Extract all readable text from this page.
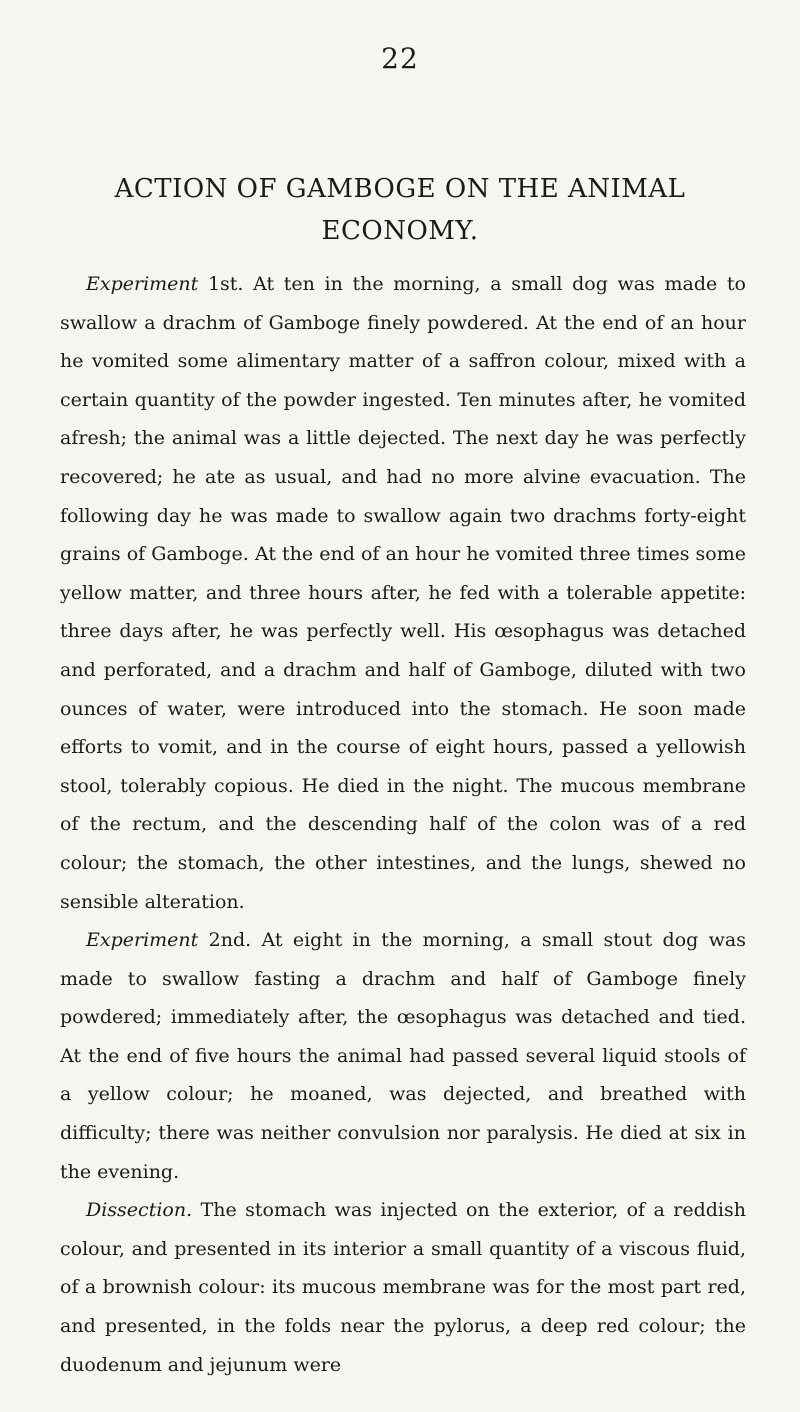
22
ACTION OF GAMBOGE ON THE ANIMAL
ECONOMY.

Experiment 1st. At ten in the morning, a small dog was made to swallow a drachm of Gamboge finely powdered. At the end of an hour he vomited some alimentary matter of a saffron colour, mixed with a certain quantity of the powder ingested. Ten minutes after, he vomited afresh; the animal was a little dejected. The next day he was perfectly recovered; he ate as usual, and had no more alvine evacuation. The following day he was made to swallow again two drachms forty-eight grains of Gamboge. At the end of an hour he vomited three times some yellow matter, and three hours after, he fed with a tolerable appetite: three days after, he was perfectly well. His œsophagus was detached and perforated, and a drachm and half of Gamboge, diluted with two ounces of water, were introduced into the stomach. He soon made efforts to vomit, and in the course of eight hours, passed a yellowish stool, tolerably copious. He died in the night. The mucous membrane of the rectum, and the descending half of the colon was of a red colour; the stomach, the other intestines, and the lungs, shewed no sensible alteration.

Experiment 2nd. At eight in the morning, a small stout dog was made to swallow fasting a drachm and half of Gamboge finely powdered; immediately after, the œsophagus was detached and tied. At the end of five hours the animal had passed several liquid stools of a yellow colour; he moaned, was dejected, and breathed with difficulty; there was neither convulsion nor paralysis. He died at six in the evening.

Dissection. The stomach was injected on the exterior, of a reddish colour, and presented in its interior a small quantity of a viscous fluid, of a brownish colour: its mucous membrane was for the most part red, and presented, in the folds near the pylorus, a deep red colour; the duodenum and jejunum were
